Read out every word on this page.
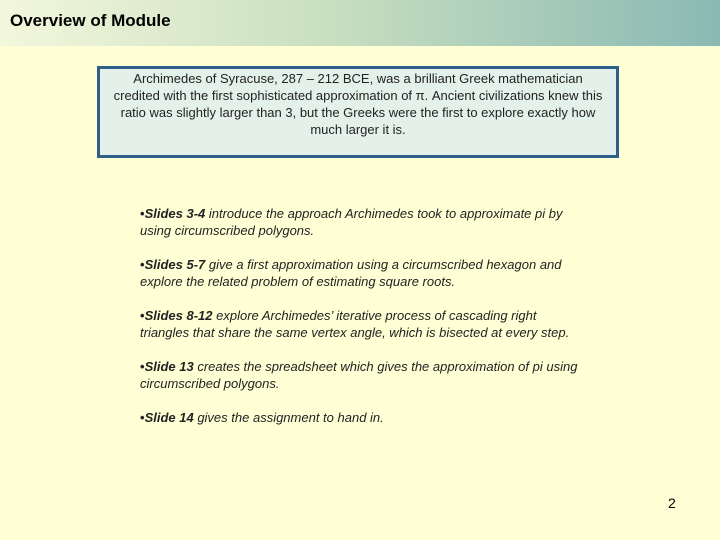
Overview of Module
Archimedes of Syracuse, 287 – 212 BCE, was a brilliant Greek mathematician credited with the first sophisticated approximation of π. Ancient civilizations knew this ratio was slightly larger than 3, but the Greeks were the first to explore exactly how much larger it is.
•Slides 3-4 introduce the approach Archimedes took to approximate pi by using circumscribed polygons.
•Slides 5-7 give a first approximation using a circumscribed hexagon and explore the related problem of estimating square roots.
•Slides 8-12 explore Archimedes’ iterative process of cascading right triangles that share the same vertex angle, which is bisected at every step.
•Slide 13 creates the spreadsheet which gives the approximation of pi using circumscribed polygons.
•Slide 14 gives the assignment to hand in.
2
